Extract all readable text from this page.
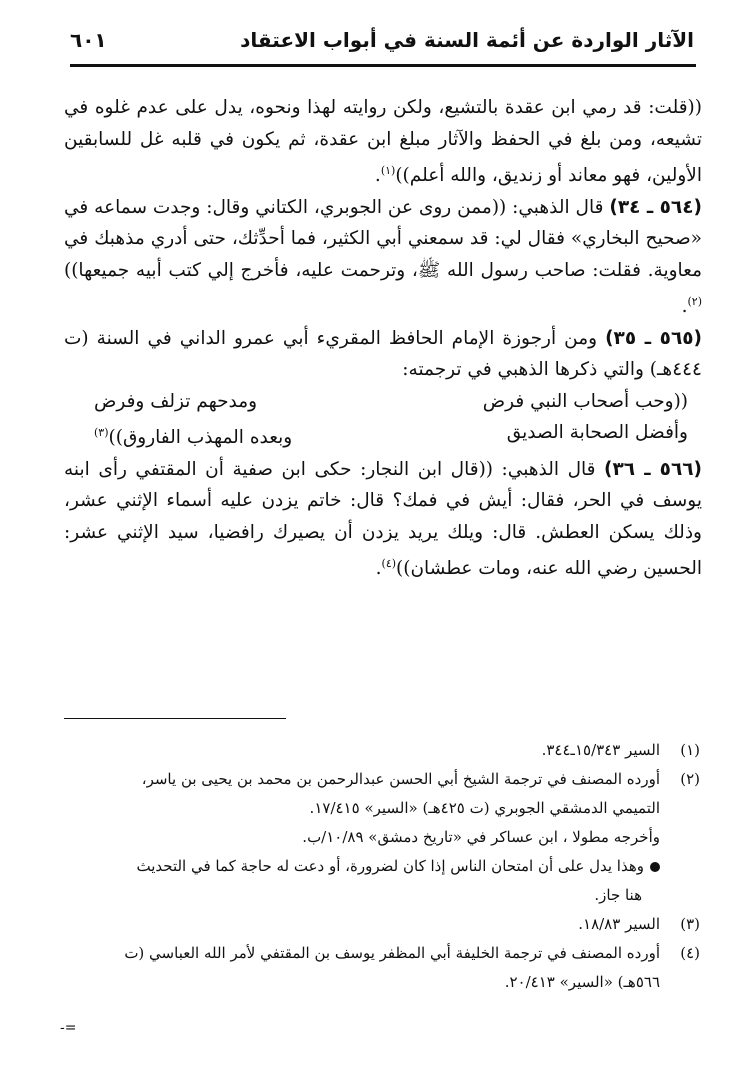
الآثار الواردة عن أئمة السنة في أبواب الاعتقاد
٦٠١

((قلت: قد رمي ابن عقدة بالتشيع، ولكن روايته لهذا ونحوه، يدل على عدم غلوه في تشيعه، ومن بلغ في الحفظ والآثار مبلغ ابن عقدة، ثم يكون في قلبه غل للسابقين الأولين، فهو معاند أو زنديق، والله أعلم))$^{(١)}$.

(٥٦٤ ـ ٣٤) قال الذهبي: ((ممن روى عن الجوبري، الكتاني وقال: وجدت سماعه في «صحيح البخاري» فقال لي: قد سمعني أبي الكثير، فما أحدِّثك، حتى أدري مذهبك في معاوية. فقلت: صاحب رسول الله ﷺ، وترحمت عليه، فأخرج إلي كتب أبيه جميعها))$^{(٢)}$.

(٥٦٥ ـ ٣٥) ومن أرجوزة الإمام الحافظ المقريء أبي عمرو الداني في السنة (ت ٤٤٤هـ) والتي ذكرها الذهبي في ترجمته:

((وحب أصحاب النبي فرض
ومدحهم تزلف وفرض
وأفضل الصحابة الصديق
وبعده المهذب الفاروق))$^{(٣)}$

(٥٦٦ ـ ٣٦) قال الذهبي: ((قال ابن النجار: حكى ابن صفية أن المقتفي رأى ابنه يوسف في الحر، فقال: أيش في فمك؟ قال: خاتم يزدن عليه أسماء الإثني عشر، وذلك يسكن العطش. قال: ويلك يريد يزدن أن يصيرك رافضيا، سيد الإثني عشر: الحسين رضي الله عنه، ومات عطشان))$^{(٤)}$.

(١)
السير ١٥/٣٤٣ـ٣٤٤.
(٢)
أورده المصنف في ترجمة الشيخ أبي الحسن عبدالرحمن بن محمد بن يحيى بن ياسر،
التميمي الدمشقي الجوبري (ت ٤٢٥هـ) «السير» ١٧/٤١٥.
وأخرجه مطولا ، ابن عساكر في «تاريخ دمشق» ١٠/٨٩/ب.
وهذا يدل على أن امتحان الناس إذا كان لضرورة، أو دعت له حاجة كما في التحديث
هنا جاز.
(٣)
السير ١٨/٨٣.
(٤)
أورده المصنف في ترجمة الخليفة أبي المظفر يوسف بن المقتفي لأمر الله العباسي (ت
٥٦٦هـ) «السير» ٢٠/٤١٣.
-=
